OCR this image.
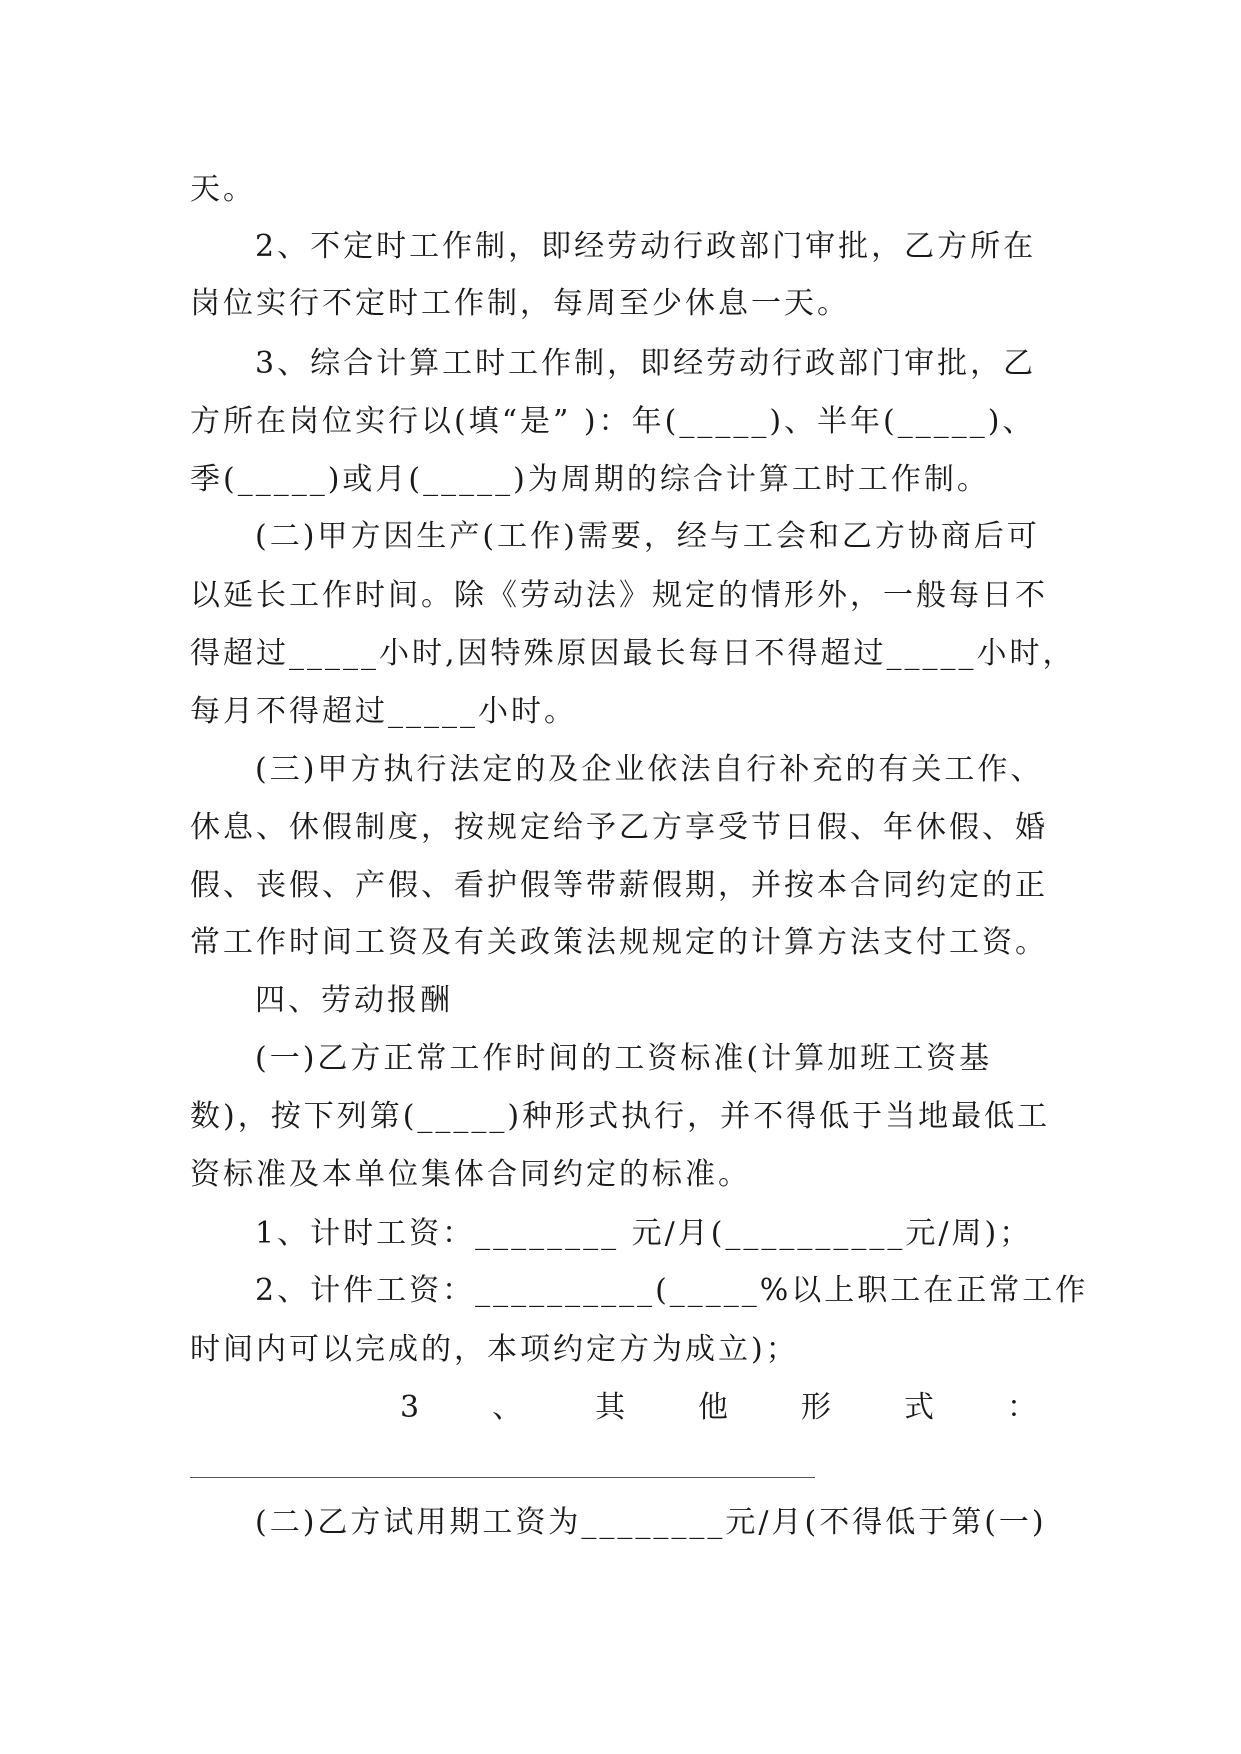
天。
2、不定时工作制，即经劳动行政部门审批，乙方所在
岗位实行不定时工作制，每周至少休息一天。
3、综合计算工时工作制，即经劳动行政部门审批，乙
方所在岗位实行以(填“是” )：年(_____)、半年(_____)、
季(_____)或月(_____)为周期的综合计算工时工作制。
(二)甲方因生产(工作)需要，经与工会和乙方协商后可
以延长工作时间。除《劳动法》规定的情形外，一般每日不
得超过_____小时,因特殊原因最长每日不得超过_____小时，
每月不得超过_____小时。
(三)甲方执行法定的及企业依法自行补充的有关工作、
休息、休假制度，按规定给予乙方享受节日假、年休假、婚
假、丧假、产假、看护假等带薪假期，并按本合同约定的正
常工作时间工资及有关政策法规规定的计算方法支付工资。
四、劳动报酬
(一)乙方正常工作时间的工资标准(计算加班工资基
数)，按下列第(_____)种形式执行，并不得低于当地最低工
资标准及本单位集体合同约定的标准。
1、计时工资：________ 元/月(__________元/周)；
2、计件工资：__________(_____%以上职工在正常工作
时间内可以完成的，本项约定方为成立)；
3 、 其 他 形 式 ：
(二)乙方试用期工资为________元/月(不得低于第(一)
